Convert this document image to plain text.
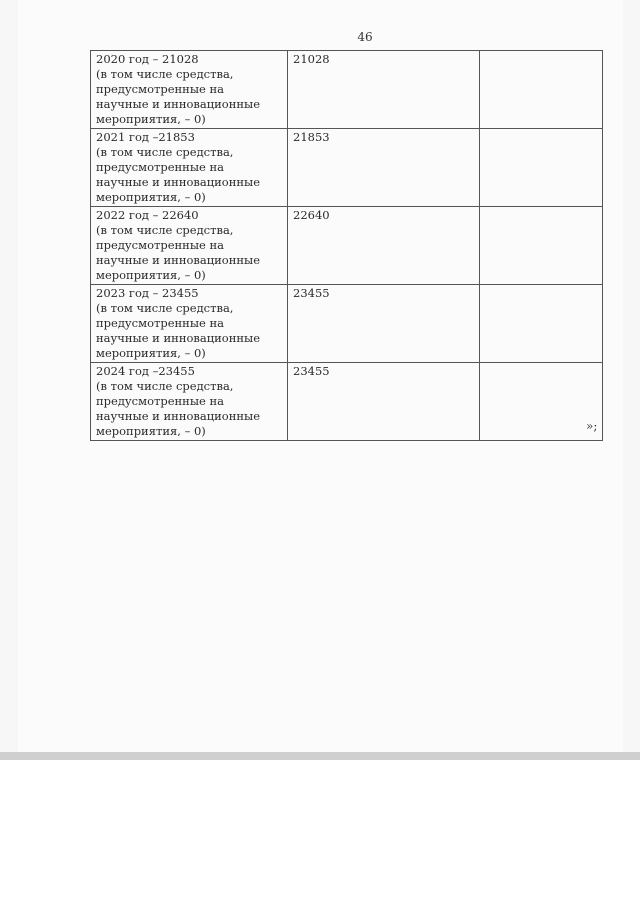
46
2020 год – 21028
(в том числе средства,
предусмотренные на
научные и инновационные
мероприятия, – 0)	21028	

2021 год –21853
(в том числе средства,
предусмотренные на
научные и инновационные
мероприятия, – 0)	21853	

2022 год – 22640
(в том числе средства,
предусмотренные на
научные и инновационные
мероприятия, – 0)	22640	

2023 год – 23455
(в том числе средства,
предусмотренные на
научные и инновационные
мероприятия, – 0)	23455	

2024 год –23455
(в том числе средства,
предусмотренные на
научные и инновационные
мероприятия, – 0)	23455	
»;
